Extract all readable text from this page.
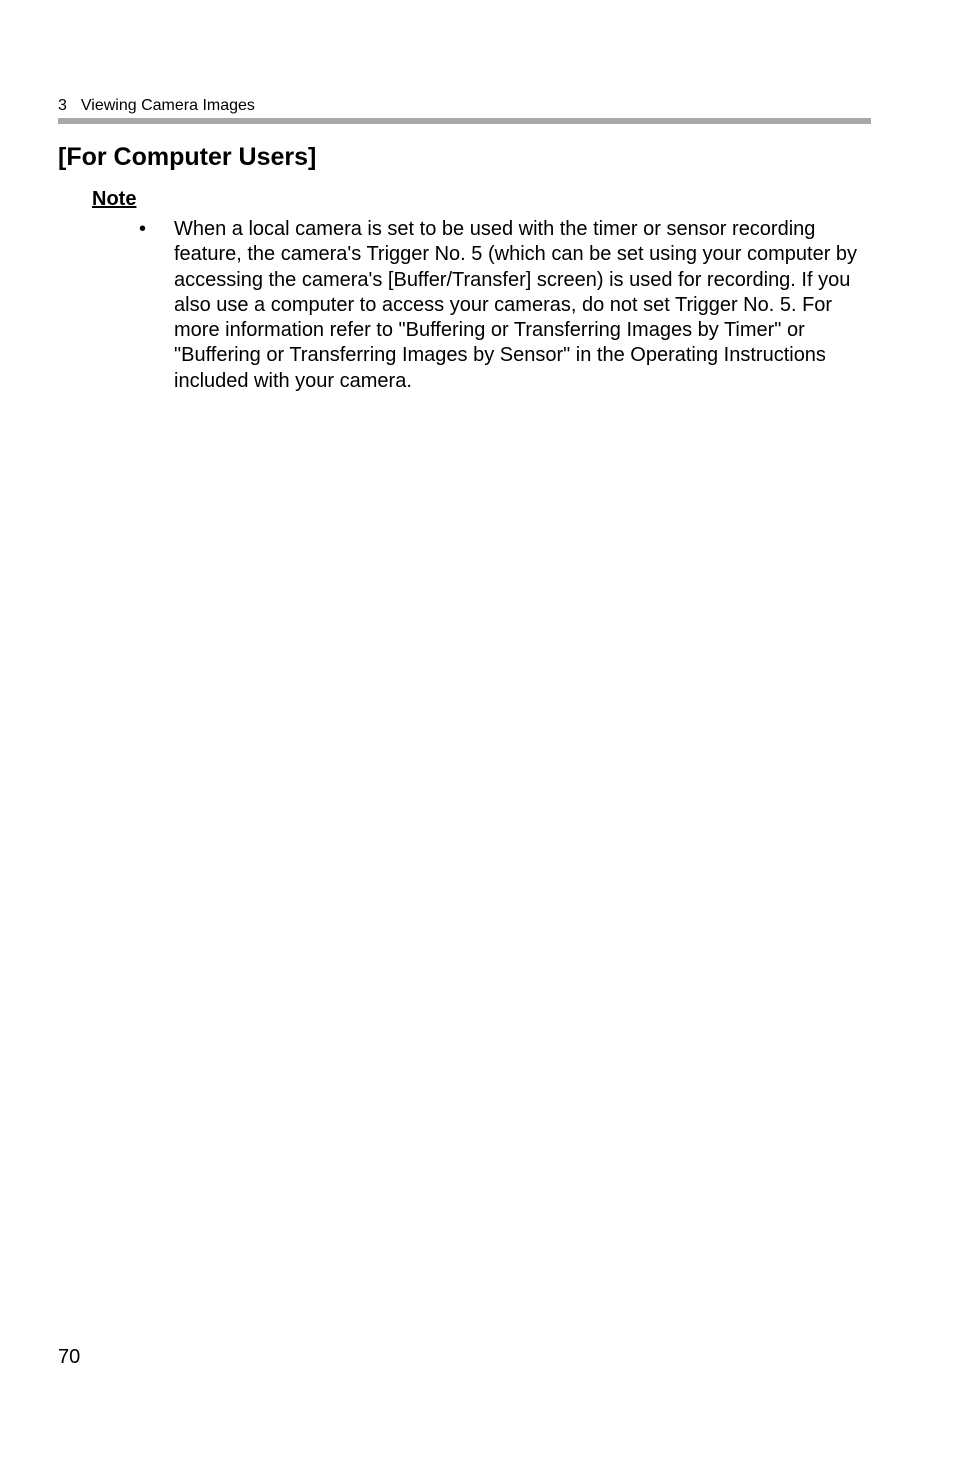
3 Viewing Camera Images
[For Computer Users]
Note
• When a local camera is set to be used with the timer or sensor recording feature, the camera's Trigger No. 5 (which can be set using your computer by accessing the camera's [Buffer/Transfer] screen) is used for recording. If you also use a computer to access your cameras, do not set Trigger No. 5. For more information refer to "Buffering or Transferring Images by Timer" or "Buffering or Transferring Images by Sensor" in the Operating Instructions included with your camera.
70
